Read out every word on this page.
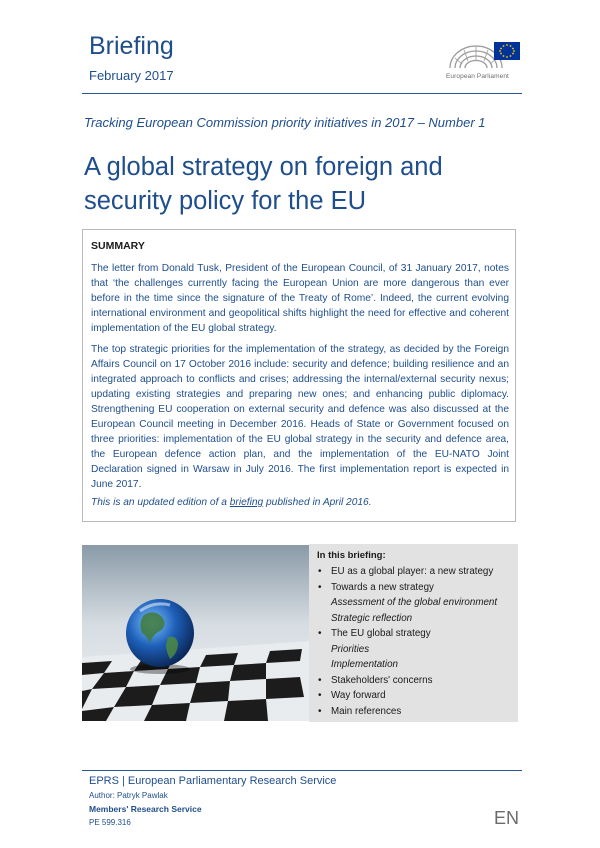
Briefing
February 2017	European Parliament
Tracking European Commission priority initiatives in 2017 – Number 1
A global strategy on foreign and security policy for the EU
SUMMARY

The letter from Donald Tusk, President of the European Council, of 31 January 2017, notes that ‘the challenges currently facing the European Union are more dangerous than ever before in the time since the signature of the Treaty of Rome’. Indeed, the current evolving international environment and geopolitical shifts highlight the need for effective and coherent implementation of the EU global strategy.

The top strategic priorities for the implementation of the strategy, as decided by the Foreign Affairs Council on 17 October 2016 include: security and defence; building resilience and an integrated approach to conflicts and crises; addressing the internal/external security nexus; updating existing strategies and preparing new ones; and enhancing public diplomacy. Strengthening EU cooperation on external security and defence was also discussed at the European Council meeting in December 2016. Heads of State or Government focused on three priorities: implementation of the EU global strategy in the security and defence area, the European defence action plan, and the implementation of the EU-NATO Joint Declaration signed in Warsaw in July 2016. The first implementation report is expected in June 2017.

This is an updated edition of a briefing published in April 2016.

In this briefing:
• EU as a global player: a new strategy
• Towards a new strategy
Assessment of the global environment
Strategic reflection
• The EU global strategy
Priorities
Implementation
• Stakeholders' concerns
• Way forward
• Main references
EPRS | European Parliamentary Research Service
Author: Patryk Pawlak
Members' Research Service
PE 599.316	EN
